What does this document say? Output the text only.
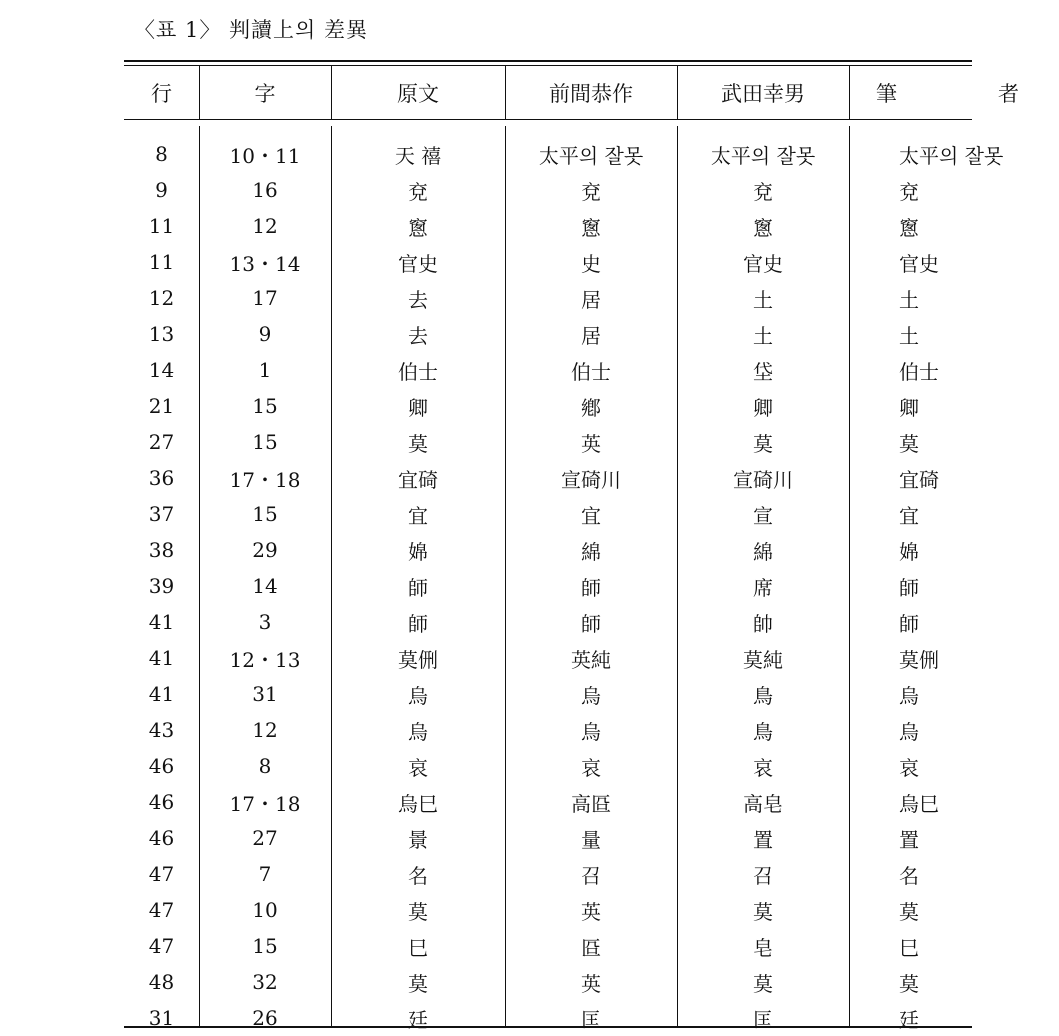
〈표 1〉 判讀上의 差異
行	字	原文	前間恭作	武田幸男	筆　者
8	10・11	天 禧	太平의 잘못	太平의 잘못	太平의 잘못
9	16	兗	兗	兗	兗
11	12	窻	窻	窻	窻
11	13・14	官史	史	官史	官史
12	17	去	居	土	土
13	9	去	居	土	土
14	1	伯士	伯士	垈	伯士
21	15	卿	鄕	卿	卿
27	15	莫	英	莫	莫
36	17・18	宜碕	宣碕川	宣碕川	宜碕
37	15	宜	宜	宣	宜
38	29	婂	綿	綿	婂
39	14	師	師	席	師
41	3	師	師	帥	師
41	12・13	莫侀	英純	莫純	莫侀
41	31	烏	烏	鳥	烏
43	12	烏	烏	鳥	烏
46	8	哀	哀	哀	哀
46	17・18	烏巳	高㔯	高皂	烏巳
46	27	㬌	量	置	置
47	7	名	召	召	名
47	10	莫	英	莫	莫
47	15	巳	㔯	皂	巳
48	32	莫	英	莫	莫
31	26	廷	匡	匡	廷
